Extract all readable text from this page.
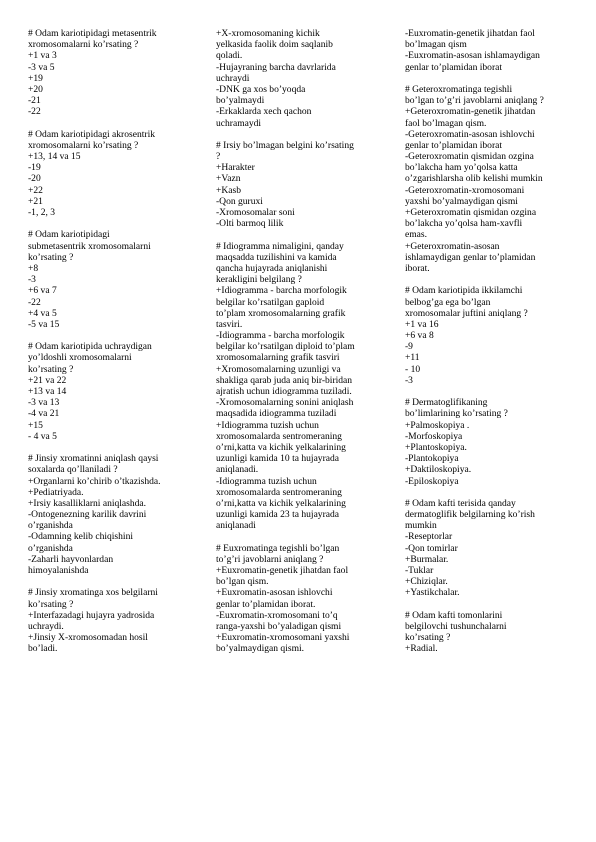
# Odam kariotipidagi metasentrik
xromosomalarni ko’rsating ?
+1 va 3
-3 va 5
+19
+20
-21
-22
# Odam kariotipidagi akrosentrik
xromosomalarni ko’rsating ?
+13, 14 va 15
-19
-20
+22
+21
-1, 2, 3
# Odam kariotipidagi
submetasentrik xromosomalarni
ko’rsating ?
+8
-3
+6 va 7
-22
+4 va 5
-5 va 15
# Odam kariotipida uchraydigan
yo’ldoshli xromosomalarni
ko’rsating ?
+21 va 22
+13 va 14
-3 va 13
-4 va 21
+15
- 4 va 5
# Jinsiy xromatinni aniqlash qaysi
soxalarda qo’llaniladi ?
+Organlarni ko’chirib o’tkazishda.
+Pediatriyada.
+Irsiy kasalliklarni aniqlashda.
-Ontogenezning karilik davrini
o’rganishda
-Odamning kelib chiqishini
o’rganishda
-Zaharli hayvonlardan
himoyalanishda
# Jinsiy xromatinga xos belgilarni
ko’rsating ?
+Interfazadagi hujayra yadrosida
uchraydi.
+Jinsiy X-xromosomadan hosil
bo’ladi.
+X-xromosomaning kichik
yelkasida faolik doim saqlanib
qoladi.
-Hujayraning barcha davrlarida
uchraydi
-DNK ga xos bo’yoqda
bo’yalmaydi
-Erkaklarda xech qachon
uchramaydi
# Irsiy bo’lmagan belgini ko’rsating
?
+Harakter
+Vazn
+Kasb
-Qon guruxi
-Xromosomalar soni
-Olti barmoq lilik
# Idiogramma nimaligini, qanday
maqsadda tuzilishini va kamida
qancha hujayrada aniqlanishi
kerakligini belgilang ?
+Idiogramma - barcha morfologik
belgilar ko’rsatilgan gaploid
to’plam xromosomalarning grafik
tasviri.
-Idiogramma - barcha morfologik
belgilar ko’rsatilgan diploid to’plam
xromosomalarning grafik tasviri
+Xromosomalarning uzunligi va
shakliga qarab juda aniq bir-biridan
ajratish uchun idiogramma tuziladi.
-Xromosomalarning sonini aniqlash
maqsadida idiogramma tuziladi
+Idiogramma tuzish uchun
xromosomalarda sentromeraning
o’rni,katta va kichik yelkalarining
uzunligi kamida 10 ta hujayrada
aniqlanadi.
-Idiogramma tuzish uchun
xromosomalarda sentromeraning
o’rni,katta va kichik yelkalarining
uzunligi kamida 23 ta hujayrada
aniqlanadi
# Euxromatinga tegishli bo’lgan
to’g’ri javoblarni aniqlang ?
+Euxromatin-genetik jihatdan faol
bo’lgan qism.
+Euxromatin-asosan ishlovchi
genlar to’plamidan iborat.
-Euxromatin-xromosomani to’q
ranga-yaxshi bo’yaladigan qismi
+Euxromatin-xromosomani yaxshi
bo’yalmaydigan qismi.
-Euxromatin-genetik jihatdan faol
bo’lmagan qism
-Euxromatin-asosan ishlamaydigan
genlar to’plamidan iborat
# Geteroxromatinga tegishli
bo’lgan to’g’ri javoblarni aniqlang ?
+Geteroxromatin-genetik jihatdan
faol bo’lmagan qism.
-Geteroxromatin-asosan ishlovchi
genlar to’plamidan iborat
-Geteroxromatin qismidan ozgina
bo’lakcha ham yo’qolsa katta
o’zgarishlarsha olib kelishi mumkin
-Geteroxromatin-xromosomani
yaxshi bo’yalmaydigan qismi
+Geteroxromatin qismidan ozgina
bo’lakcha yo’qolsa ham-xavfli
emas.
+Geteroxromatin-asosan
ishlamaydigan genlar to’plamidan
iborat.
# Odam kariotipida ikkilamchi
belbog’ga ega bo’lgan
xromosomalar juftini aniqlang ?
+1 va 16
+6 va 8
-9
+11
- 10
-3
# Dermatoglifikaning
bo’limlarining ko’rsating ?
+Palmoskopiya .
-Morfoskopiya
+Plantoskopiya.
-Plantokopiya
+Daktiloskopiya.
-Epiloskopiya
# Odam kafti terisida qanday
dermatoglifik belgilarning ko’rish
mumkin
-Reseptorlar
-Qon tomirlar
+Burmalar.
-Tuklar
+Chiziqlar.
+Yastikchalar.
# Odam kafti tomonlarini
belgilovchi tushunchalarni
ko’rsating ?
+Radial.
